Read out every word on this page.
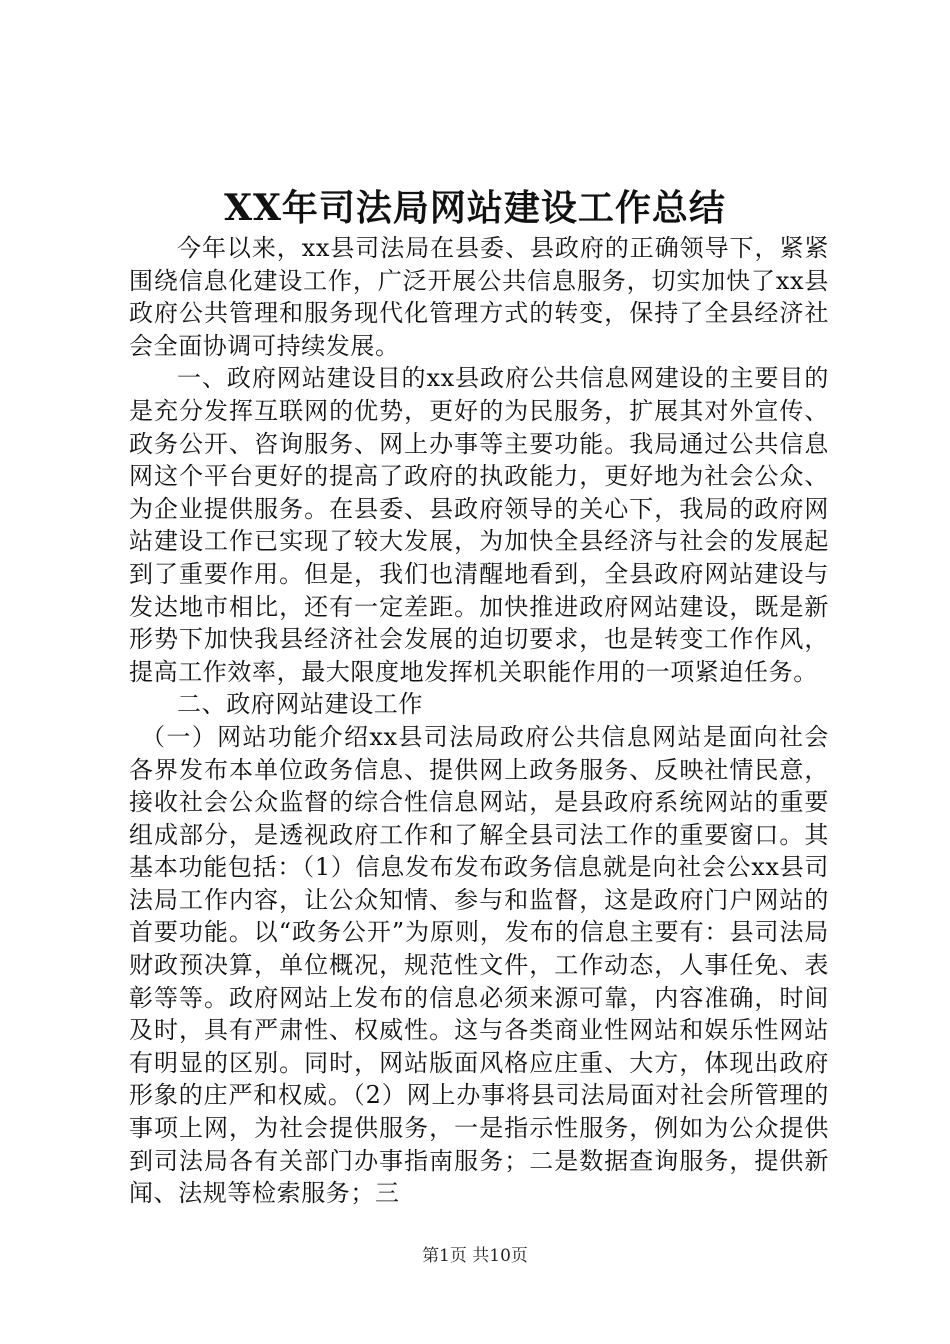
XX年司法局网站建设工作总结

今年以来，xx县司法局在县委、县政府的正确领导下，紧紧围绕信息化建设工作，广泛开展公共信息服务，切实加快了xx县政府公共管理和服务现代化管理方式的转变，保持了全县经济社会全面协调可持续发展。

一、政府网站建设目的xx县政府公共信息网建设的主要目的是充分发挥互联网的优势，更好的为民服务，扩展其对外宣传、政务公开、咨询服务、网上办事等主要功能。我局通过公共信息网这个平台更好的提高了政府的执政能力，更好地为社会公众、为企业提供服务。在县委、县政府领导的关心下，我局的政府网站建设工作已实现了较大发展，为加快全县经济与社会的发展起到了重要作用。但是，我们也清醒地看到，全县政府网站建设与发达地市相比，还有一定差距。加快推进政府网站建设，既是新形势下加快我县经济社会发展的迫切要求，也是转变工作作风，提高工作效率，最大限度地发挥机关职能作用的一项紧迫任务。

二、政府网站建设工作

（一）网站功能介绍xx县司法局政府公共信息网站是面向社会各界发布本单位政务信息、提供网上政务服务、反映社情民意，接收社会公众监督的综合性信息网站，是县政府系统网站的重要组成部分，是透视政府工作和了解全县司法工作的重要窗口。其基本功能包括：（1）信息发布发布政务信息就是向社会公xx县司法局工作内容，让公众知情、参与和监督，这是政府门户网站的首要功能。以“政务公开”为原则，发布的信息主要有：县司法局财政预决算，单位概况，规范性文件，工作动态，人事任免、表彰等等。政府网站上发布的信息必须来源可靠，内容准确，时间及时，具有严肃性、权威性。这与各类商业性网站和娱乐性网站有明显的区别。同时，网站版面风格应庄重、大方，体现出政府形象的庄严和权威。（2）网上办事将县司法局面对社会所管理的事项上网，为社会提供服务，一是指示性服务，例如为公众提供到司法局各有关部门办事指南服务；二是数据查询服务，提供新闻、法规等检索服务；三

第1页 共10页
